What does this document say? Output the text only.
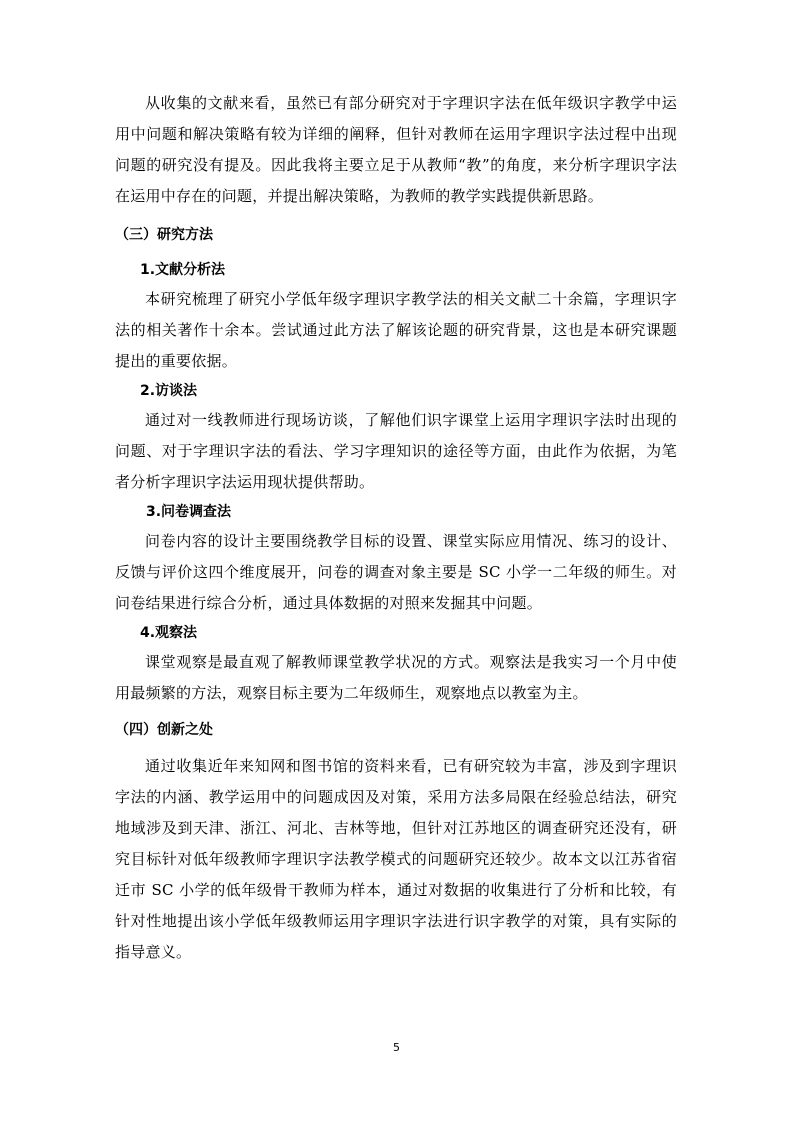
从收集的文献来看，虽然已有部分研究对于字理识字法在低年级识字教学中运用中问题和解决策略有较为详细的阐释，但针对教师在运用字理识字法过程中出现问题的研究没有提及。因此我将主要立足于从教师“教”的角度，来分析字理识字法在运用中存在的问题，并提出解决策略，为教师的教学实践提供新思路。

（三）研究方法
1.文献分析法

本研究梳理了研究小学低年级字理识字教学法的相关文献二十余篇，字理识字法的相关著作十余本。尝试通过此方法了解该论题的研究背景，这也是本研究课题提出的重要依据。

2.访谈法

通过对一线教师进行现场访谈，了解他们识字课堂上运用字理识字法时出现的问题、对于字理识字法的看法、学习字理知识的途径等方面，由此作为依据，为笔者分析字理识字法运用现状提供帮助。

3.问卷调查法

问卷内容的设计主要围绕教学目标的设置、课堂实际应用情况、练习的设计、反馈与评价这四个维度展开，问卷的调查对象主要是 SC 小学一二年级的师生。对问卷结果进行综合分析，通过具体数据的对照来发掘其中问题。

4.观察法

课堂观察是最直观了解教师课堂教学状况的方式。观察法是我实习一个月中使用最频繁的方法，观察目标主要为二年级师生，观察地点以教室为主。

（四）创新之处

通过收集近年来知网和图书馆的资料来看，已有研究较为丰富，涉及到字理识字法的内涵、教学运用中的问题成因及对策，采用方法多局限在经验总结法，研究地域涉及到天津、浙江、河北、吉林等地，但针对江苏地区的调查研究还没有，研究目标针对低年级教师字理识字法教学模式的问题研究还较少。故本文以江苏省宿迁市 SC 小学的低年级骨干教师为样本，通过对数据的收集进行了分析和比较，有针对性地提出该小学低年级教师运用字理识字法进行识字教学的对策，具有实际的指导意义。

5
